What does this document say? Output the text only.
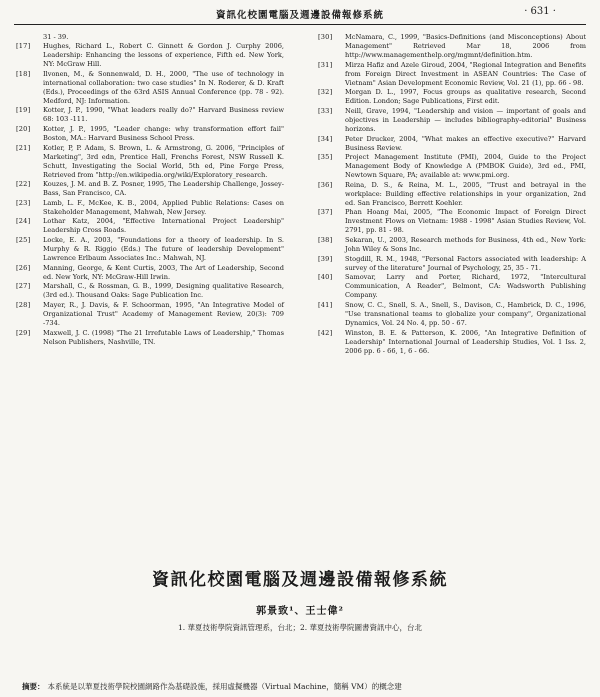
資訊化校園電腦及週邊設備報修系統	· 631 ·
31 - 39.
[17]	Hughes, Richard L., Robert C. Ginnett & Gordon J. Curphy 2006, Leadership: Enhancing the lessons of experience, Fifth ed. New York, NY: McGraw Hill.
[18]	Ilvonen, M., & Sonnenwald, D. H., 2000, "The use of technology in international collaboration: two case studies" In N. Roderer, & D. Kraft (Eds.), Proceedings of the 63rd ASIS Annual Conference (pp. 78 - 92). Medford, NJ: Information.
[19]	Kotter, J. P., 1990, "What leaders really do?" Harvard Business review 68: 103 -111.
[20]	Kotter, J. P., 1995, "Leader change: why transformation effort fail" Boston, MA.: Harvard Business School Press.
[21]	Kotler, P, P. Adam, S. Brown, L. & Armstrong, G. 2006, "Principles of Marketing", 3rd edn, Prentice Hall, Frenchs Forest, NSW Russell K. Schutt, Investigating the Social World, 5th ed, Pine Forge Press, Retrieved from "http://en.wikipedia.org/wiki/Exploratory_research.
[22]	Kouzes, J. M. and B. Z. Posner, 1995, The Leadership Challenge, Jossey-Bass, San Francisco, CA.
[23]	Lamb, L. F., McKee, K. B., 2004, Applied Public Relations: Cases on Stakeholder Management, Mahwah, New Jersey.
[24]	Lothar Katz, 2004, "Effective International Project Leadership" Leadership Cross Roads.
[25]	Locke, E. A., 2003, "Foundations for a theory of leadership. In S. Murphy & R. Riggio (Eds.) The future of leadership Development" Lawrence Erlbaum Associates Inc.: Mahwah, NJ.
[26]	Manning, George, & Kent Curtis, 2003, The Art of Leadership, Second ed. New York, NY: McGraw-Hill Irwin.
[27]	Marshall, C., & Rossman, G. B., 1999, Designing qualitative Research, (3rd ed.). Thousand Oaks: Sage Publication Inc.
[28]	Mayer, R., J. Davis, & F. Schoorman, 1995, "An Integrative Model of Organizational Trust" Academy of Management Review, 20(3): 709 -734.
[29]	Maxwell, J. C. (1998) "The 21 Irrefutable Laws of Leadership," Thomas Nelson Publishers, Nashville, TN.
[30]	McNamara, C., 1999, "Basics-Definitions (and Misconceptions) About Management" Retrieved Mar 18, 2006 from http://www.managementhelp.org/mgmnt/definition.htm.
[31]	Mirza Hafiz and Azele Giroud, 2004, "Regional Integration and Benefits from Foreign Direct Investment in ASEAN Countries: The Case of Vietnam" Asian Development Economic Review, Vol. 21 (1), pp. 66 - 98.
[32]	Morgan D. L., 1997, Focus groups as qualitative research, Second Edition. London; Sage Publications, First edit.
[33]	Neill, Grave, 1994, "Leadership and vision — important of goals and objectives in Leadership — includes bibliography-editorial" Business horizons.
[34]	Peter Drucker, 2004, "What makes an effective executive?" Harvard Business Review.
[35]	Project Management Institute (PMI), 2004, Guide to the Project Management Body of Knowledge A (PMBOK Guide), 3rd ed., PMI, Newtown Square, PA; available at: www.pmi.org.
[36]	Reina, D. S., & Reina, M. L., 2005, "Trust and betrayal in the workplace: Building effective relationships in your organization, 2nd ed. San Francisco, Berrett Koehler.
[37]	Phan Hoang Mai, 2005, "The Economic Impact of Foreign Direct Investment Flows on Vietnam: 1988 - 1998" Asian Studies Review, Vol. 2791, pp. 81 - 98.
[38]	Sekaran, U., 2003, Research methods for Business, 4th ed., New York: John Wiley & Sons Inc.
[39]	Stogdill, R. M., 1948, "Personal Factors associated with leadership: A survey of the literature" Journal of Psychology, 25, 35 - 71.
[40]	Samovar, Larry and Porter, Richard, 1972, "Intercultural Communication, A Reader", Belmont, CA: Wadsworth Publishing Company.
[41]	Snow, C. C., Snell, S. A., Snell, S., Davison, C., Hambrick, D. C., 1996, "Use transnational teams to globalize your company", Organizational Dynamics, Vol. 24 No. 4, pp. 50 - 67.
[42]	Winston, B. E. & Patterson, K. 2006, "An Integrative Definition of Leadership" International Journal of Leadership Studies, Vol. 1 Iss. 2, 2006 pp. 6 - 66, 1, 6 - 66.
資訊化校園電腦及週邊設備報修系統
郭景致¹、王士偉²
1. 華夏技術學院資訊管理系，台北；2. 華夏技術學院圖書資訊中心，台北
摘要： 本系統是以華夏技術學院校園網路作為基礎設施，採用虛擬機器（Virtual Machine，簡稱 VM）的概念建
